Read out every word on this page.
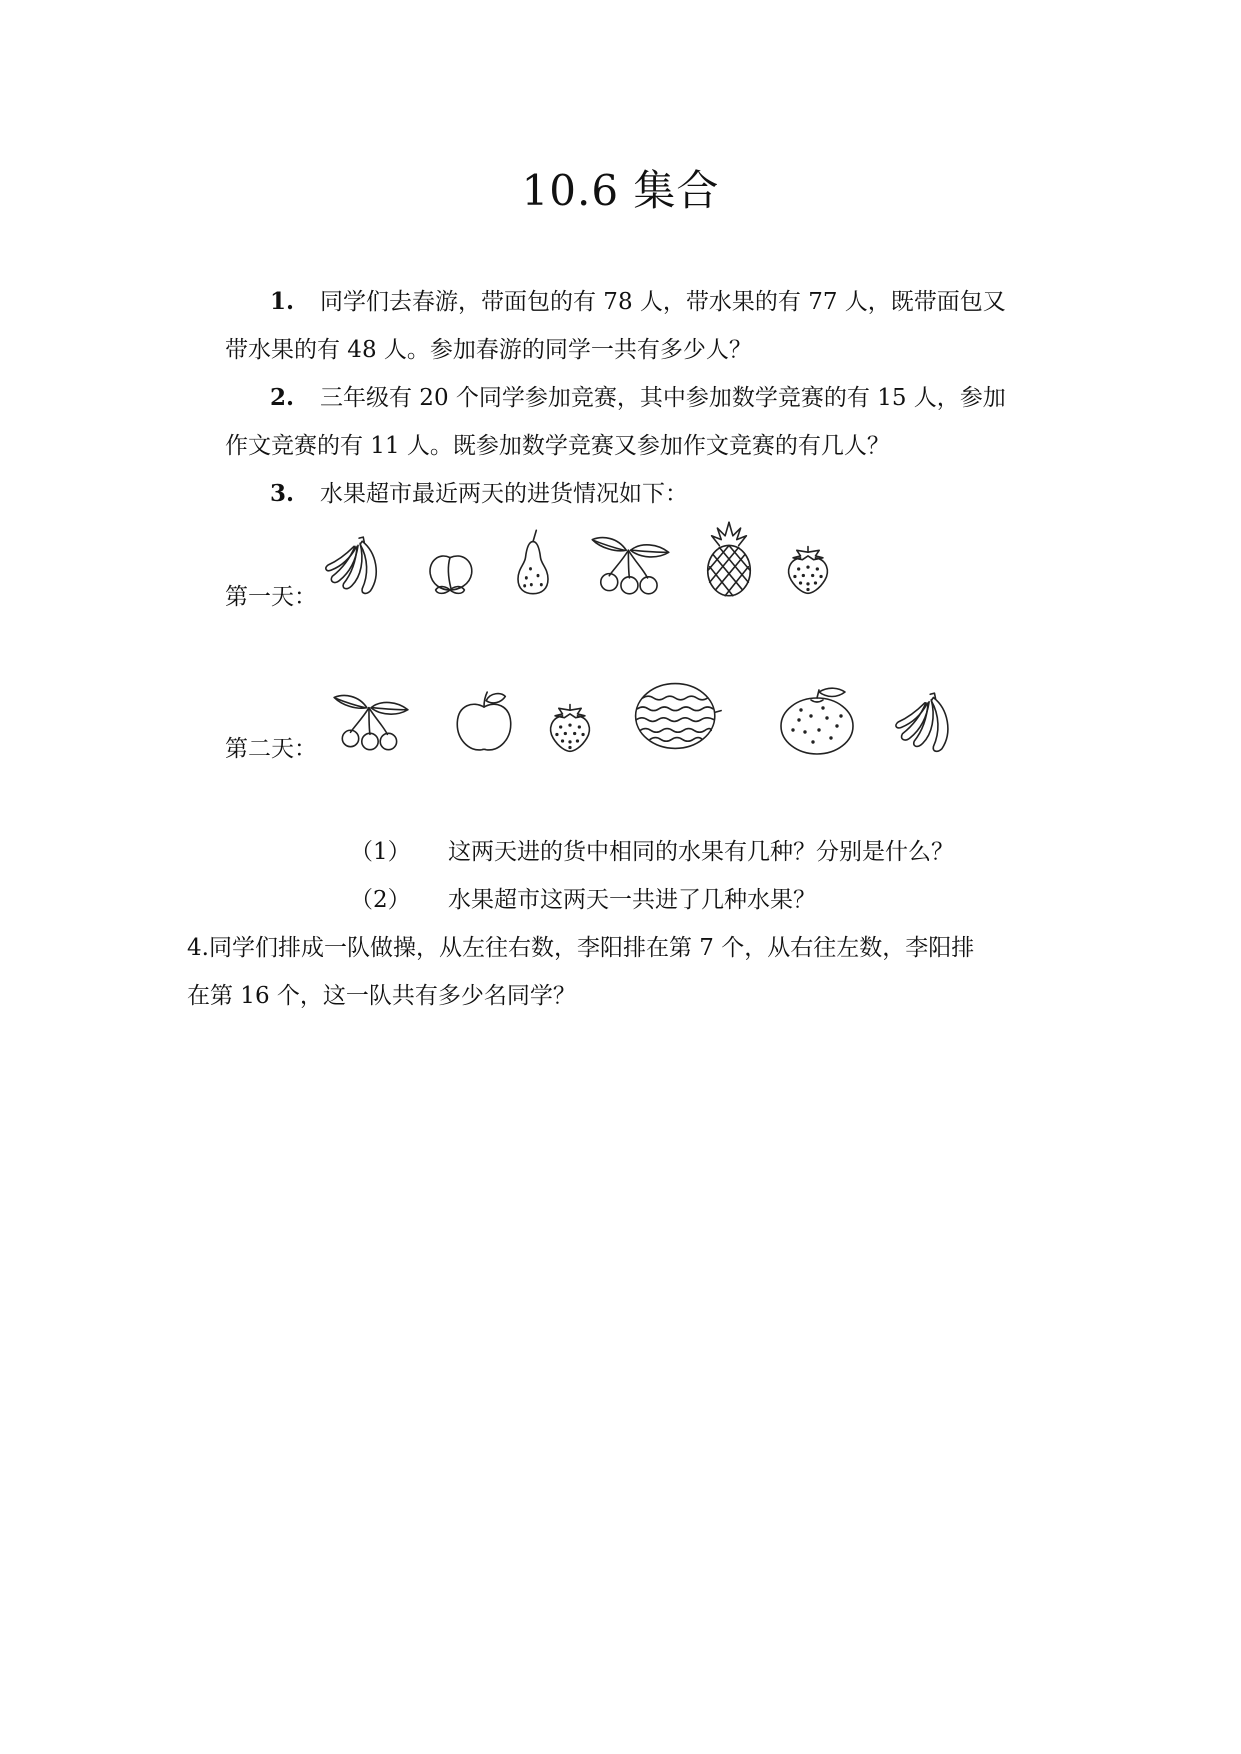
10.6 集合
1. 同学们去春游，带面包的有 78 人，带水果的有 77 人，既带面包又
带水果的有 48 人。参加春游的同学一共有多少人？
2. 三年级有 20 个同学参加竞赛，其中参加数学竞赛的有 15 人，参加
作文竞赛的有 11 人。既参加数学竞赛又参加作文竞赛的有几人？
3. 水果超市最近两天的进货情况如下：
第一天：
第二天：
（1） 这两天进的货中相同的水果有几种？分别是什么？
（2） 水果超市这两天一共进了几种水果？
4.同学们排成一队做操，从左往右数，李阳排在第 7 个，从右往左数，李阳排
在第 16 个，这一队共有多少名同学？
